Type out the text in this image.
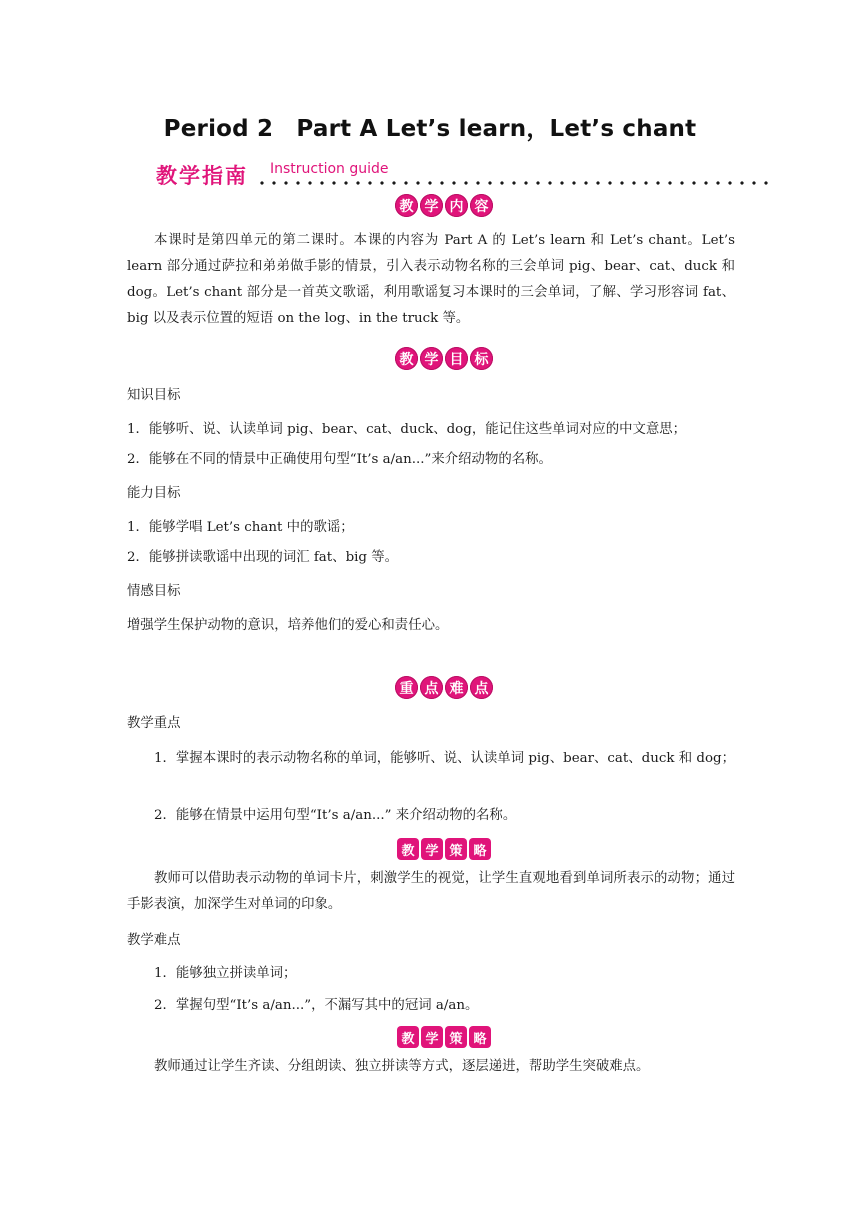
Period 2　Part A Let’s learn，Let’s chant
教学指南 Instruction guide
教 学 内 容

本课时是第四单元的第二课时。本课的内容为 Part A 的 Let’s learn 和 Let’s chant。Let’s learn 部分通过萨拉和弟弟做手影的情景，引入表示动物名称的三会单词 pig、bear、cat、duck 和 dog。Let’s chant 部分是一首英文歌谣，利用歌谣复习本课时的三会单词，了解、学习形容词 fat、big 以及表示位置的短语 on the log、in the truck 等。

教 学 目 标

知识目标

1．能够听、说、认读单词 pig、bear、cat、duck、dog，能记住这些单词对应的中文意思；

2．能够在不同的情景中正确使用句型“It’s a/an...”来介绍动物的名称。

能力目标

1．能够学唱 Let’s chant 中的歌谣；

2．能够拼读歌谣中出现的词汇 fat、big 等。

情感目标

增强学生保护动物的意识，培养他们的爱心和责任心。

重 点 难 点

教学重点

1．掌握本课时的表示动物名称的单词，能够听、说、认读单词 pig、bear、cat、duck 和 dog；

2．能够在情景中运用句型“It’s a/an...” 来介绍动物的名称。

教 学 策 略

教师可以借助表示动物的单词卡片，刺激学生的视觉，让学生直观地看到单词所表示的动物；通过手影表演，加深学生对单词的印象。

教学难点

1．能够独立拼读单词；

2．掌握句型“It’s a/an...”，不漏写其中的冠词 a/an。

教 学 策 略

教师通过让学生齐读、分组朗读、独立拼读等方式，逐层递进，帮助学生突破难点。
